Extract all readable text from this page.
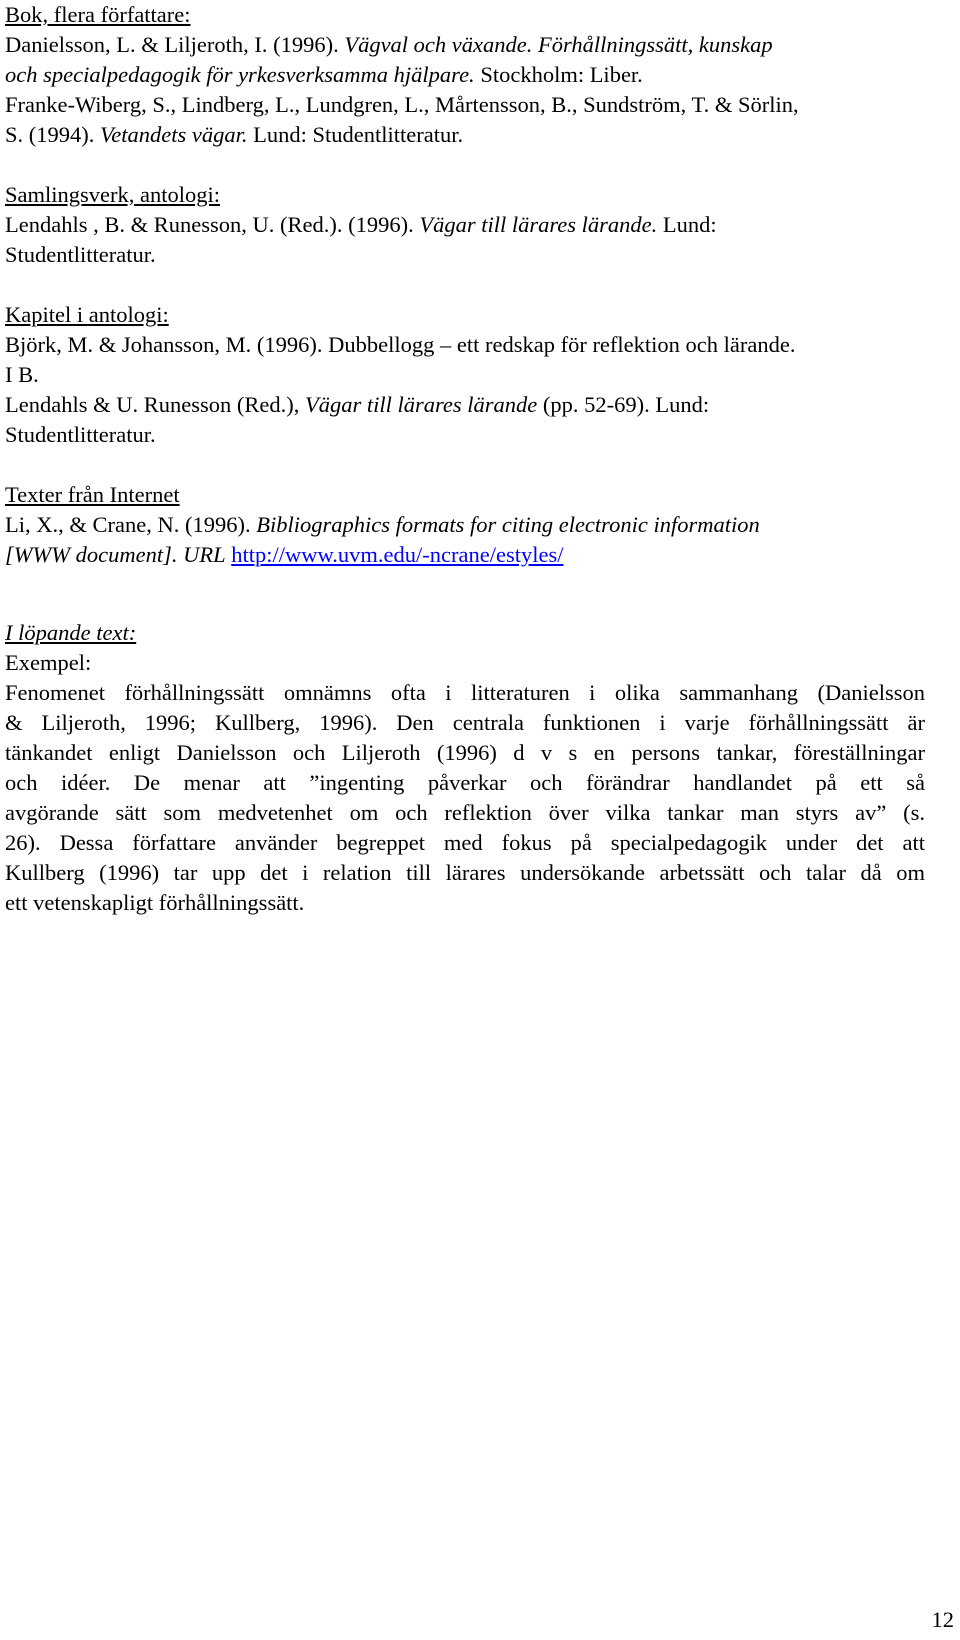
Bok, flera författare:
Danielsson, L. & Liljeroth, I. (1996). Vägval och växande. Förhållningssätt, kunskap
och specialpedagogik för yrkesverksamma hjälpare. Stockholm: Liber.
Franke-Wiberg, S., Lindberg, L., Lundgren, L., Mårtensson, B., Sundström, T. & Sörlin,
S. (1994). Vetandets vägar. Lund: Studentlitteratur.
Samlingsverk, antologi:
Lendahls , B. & Runesson, U. (Red.). (1996). Vägar till lärares lärande. Lund:
Studentlitteratur.
Kapitel i antologi:
Björk, M. & Johansson, M. (1996). Dubbellogg – ett redskap för reflektion och lärande.
I B.
Lendahls & U. Runesson (Red.), Vägar till lärares lärande (pp. 52-69). Lund:
Studentlitteratur.
Texter från Internet
Li, X., & Crane, N. (1996). Bibliographics formats for citing electronic information
[WWW document]. URL http://www.uvm.edu/-ncrane/estyles/
I löpande text:
Exempel:
Fenomenet förhållningssätt omnämns ofta i litteraturen i olika sammanhang (Danielsson
& Liljeroth, 1996; Kullberg, 1996). Den centrala funktionen i varje förhållningssätt är
tänkandet enligt Danielsson och Liljeroth (1996) d v s en persons tankar, föreställningar
och idéer. De menar att ”ingenting påverkar och förändrar handlandet på ett så
avgörande sätt som medvetenhet om och reflektion över vilka tankar man styrs av” (s.
26). Dessa författare använder begreppet med fokus på specialpedagogik under det att
Kullberg (1996) tar upp det i relation till lärares undersökande arbetssätt och talar då om
ett vetenskapligt förhållningssätt.
12
